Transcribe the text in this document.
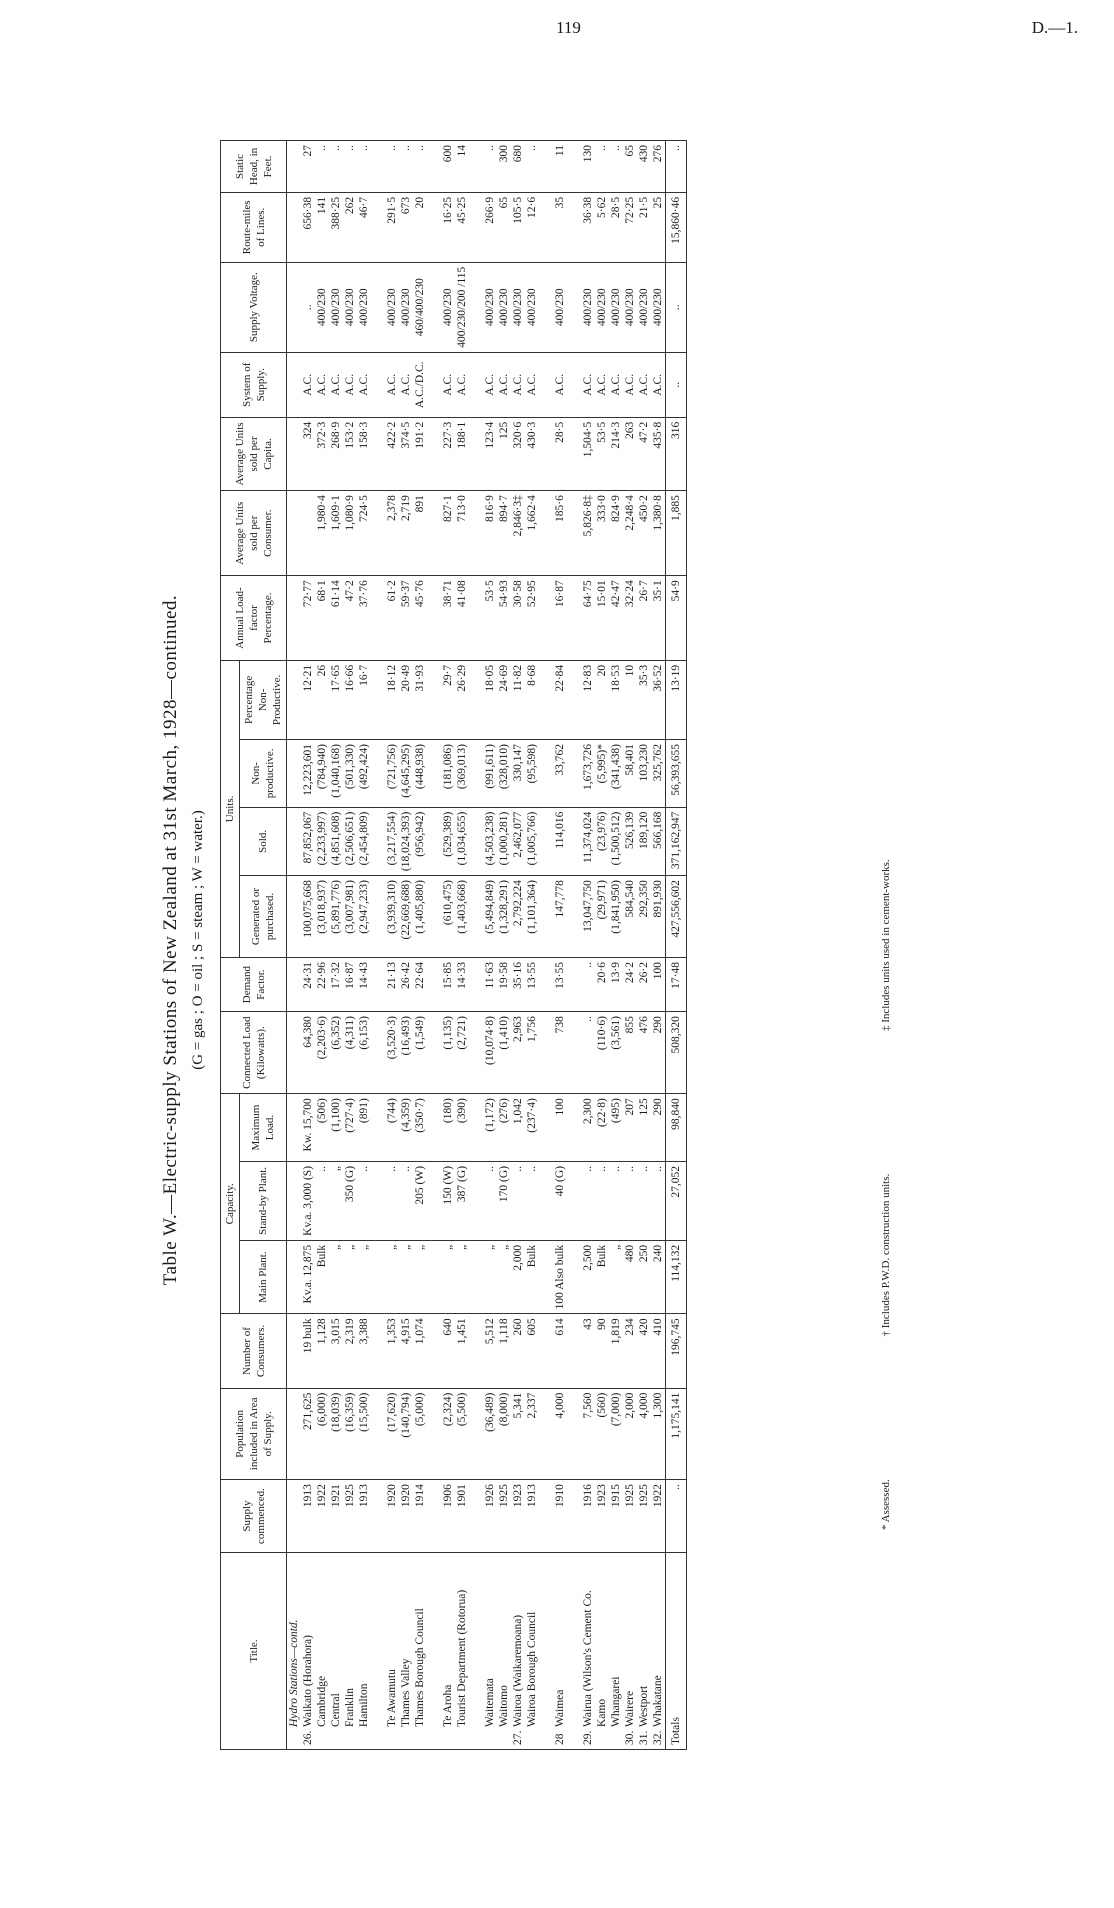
119	D.—1.
Table W.—Electric-supply Stations of New Zealand at 31st March, 1928—continued. (G = gas ; O = oil ; S = steam ; W = water.)
Title.	Supply commenced.	Population included in Area of Supply.	Number of Consumers.	Capacity.			Connected Load (Kilowatts).	Demand Factor.	Units.				Annual Load-factor Percentage.	Average Units sold per Consumer.	Average Units sold per Capita.	System of Supply.	Supply Voltage.	Route-miles of Lines.	Static Head, in Feet.
				Main Plant.	Stand-by Plant.	Maximum Load.			Generated or purchased.	Sold.	Non-productive.	Percentage Non-Productive.							
Hydro Stations—contd.																			
26.Waikato (Horahora)	1913	271,625	19 bulk	Kv.a. 12,875	Kv.a. 3,000 (S)	Kw. 15,700	64,380	24·31	100,075,668	87,852,067	12,223,601	12·21	72·77		324	A.C.	..	656·38	27
Cambridge	1922	(6,000)	1,128	Bulk	..	(506)	(2,203·6)	22·96	(3,018,937)	(2,233,997)	(784,940)	26	68·1	1,980·4	372·3	A.C.	400/230	141	..
Central	1921	(18,039)	3,015	„	„	(1,100)	(6,352)	17·32	(5,891,776)	(4,851,608)	(1,040,168)	17·65	61·14	1,609·1	268·9	A.C.	400/230	388·25	..
Franklin	1925	(16,359)	2,319	„	350 (G)	(727·4)	(4,311)	16·87	(3,007,981)	(2,506,651)	(501,330)	16·66	47·2	1,080·9	153·2	A.C.	400/230	262	..
Hamilton	1913	(15,500)	3,388	„	..	(891)	(6,153)	14·43	(2,947,233)	(2,454,809)	(492,424)	16·7	37·76	724·5	158·3	A.C.	400/230	46·7	..

Te Awamutu	1920	(17,620)	1,353	„	..	(744)	(3,520·3)	21·13	(3,939,310)	(3,217,554)	(721,756)	18·12	61·2	2,378	422·2	A.C.	400/230	291·5	..
Thames Valley	1920	(140,794)	4,915	„	..	(4,359)	(16,493)	26·42	(22,669,688)	(18,024,393)	(4,645,295)	20·49	59·37	2,719	374·5	A.C.	400/230	673	..
Thames Borough Council	1914	(5,000)	1,074	„	205 (W)	(350·7)	(1,549)	22·64	(1,405,880)	(956,942)	(448,938)	31·93	45·76	891	191·2	A.C./D.C.	460/400/230	20	..

Te Aroha	1906	(2,324)	640	„	150 (W)	(180)	(1,135)	15·85	(610,475)	(529,389)	(181,086)	29·7	38·71	827·1	227·3	A.C.	400/230	16·25	600
Tourist Department (Rotorua)	1901	(5,500)	1,451	„	387 (G)	(390)	(2,721)	14·33	(1,403,668)	(1,034,655)	(369,013)	26·29	41·08	713·0	188·1	A.C.	400/230/200 /115	45·25	14

Waitemata	1926	(36,489)	5,512	„	..	(1,172)	(10,074·8)	11·63	(5,494,849)	(4,503,238)	(991,611)	18·05	53·5	816·9	123·4	A.C.	400/230	266·9	..
Waitomo	1925	(8,000)	1,118	„	170 (G)	(276)	(1,410)	19·58	(1,328,291)	(1,000,281)	(328,010)	24·69	54·93	894·7	125	A.C.	400/230	65	300
27.Wairoa (Waikaremoana)	1923	5,341	260	2,000	..	1,042	2,963	35·16	2,792,224	2,462,077	330,147	11·82	30·58	2,846·3‡	320·6	A.C.	400/230	105·5	680
Wairoa Borough Council	1913	2,337	605	Bulk	..	(237·4)	1,756	13·55	(1,101,364)	(1,005,766)	(95,598)	8·68	52·95	1,662·4	430·3	A.C.	400/230	12·6	..

28Waimea	1910	4,000	614	100 Also bulk	40 (G)	100	738	13·55	147,778	114,016	33,762	22·84	16·87	185·6	28·5	A.C.	400/230	35	11

29.Wairua (Wilson's Cement Co.	1916	7,560	43	2,500	..	2,300	..	..	13,047,750	11,374,024	1,673,726	12·83	64·75	5,826·8‡	1,504·5	A.C.	400/230	36·38	130
Kamo	1923	(560)	90	Bulk	..	(22·8)	(110·6)	20·6	(29,971)	(23,976)	(5,995)*	20	15·01	333·0	53·5	A.C.	400/230	5·62	..
Whangarei	1915	(7,000)	1,819	„	..	(495)	(3,561)	13·9	(1,841,950)	(1,500,512)	(341,438)	18·53	42·47	824·9	214·3	A.C.	400/230	28·5	..
30.Wairere	1925	2,000	234	480	..	207	855	24·2	584,540	526,139	58,401	10	32·24	2,248·4	263	A.C.	400/230	72·25	65
31.Westport	1925	4,000	420	250	..	125	476	26·2	292,350	189,120	103,230	35·3	26·7	450·2	47·2	A.C.	400/230	21·5	430
32.Whakatane	1922	1,300	410	240	..	290	290	100	891,930	566,168	325,762	36·52	35·1	1,380·8	435·8	A.C.	400/230	25	276
Totals	..	1,175,141	196,745	114,132	27,052	98,840	508,320	17·48	427,556,602	371,162,947	56,393,655	13·19	54·9	1,885	316	..	..	15,860·46	..
* Assessed. † Includes P.W.D. construction units. ‡ Includes units used in cement-works.
